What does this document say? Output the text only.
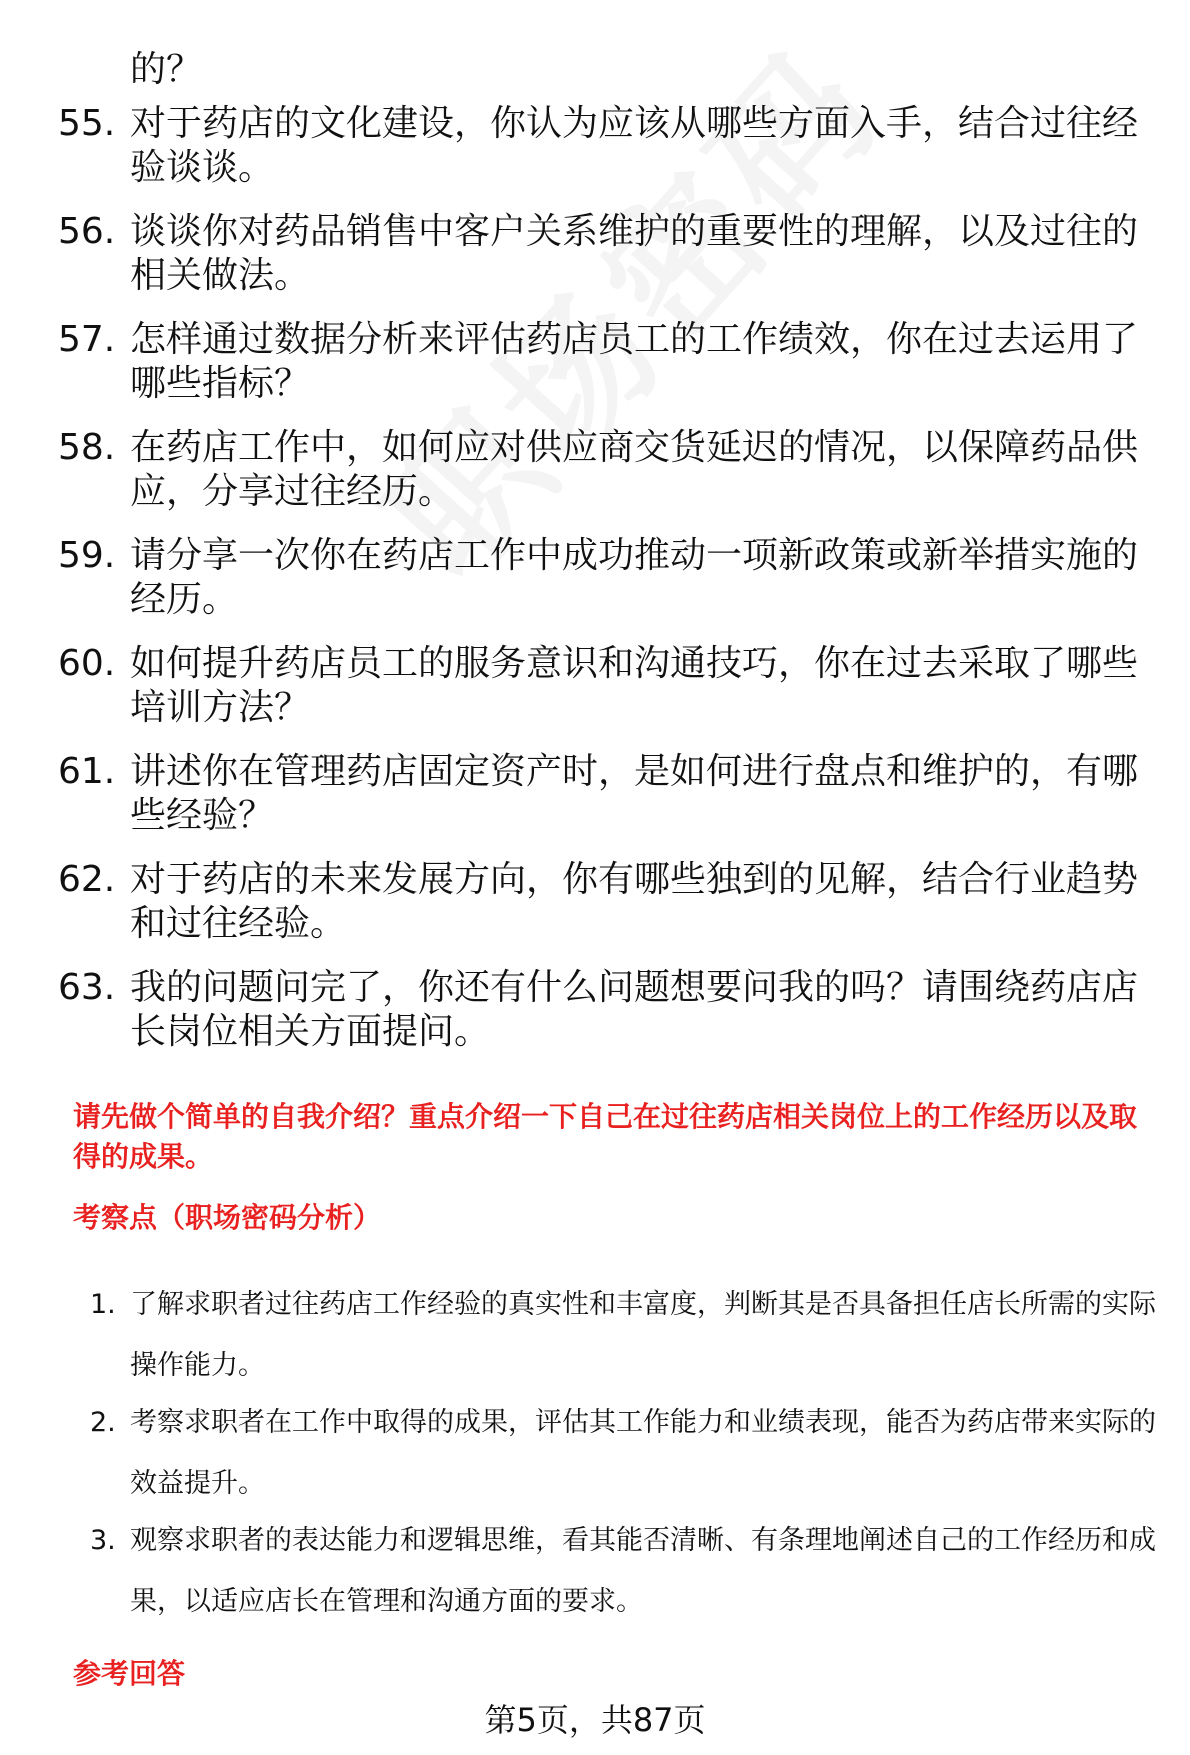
的？
55. 对于药店的文化建设，你认为应该从哪些方面入手，结合过往经验谈谈。
56. 谈谈你对药品销售中客户关系维护的重要性的理解，以及过往的相关做法。
57. 怎样通过数据分析来评估药店员工的工作绩效，你在过去运用了哪些指标？
58. 在药店工作中，如何应对供应商交货延迟的情况，以保障药品供应，分享过往经历。
59. 请分享一次你在药店工作中成功推动一项新政策或新举措实施的经历。
60. 如何提升药店员工的服务意识和沟通技巧，你在过去采取了哪些培训方法？
61. 讲述你在管理药店固定资产时，是如何进行盘点和维护的，有哪些经验？
62. 对于药店的未来发展方向，你有哪些独到的见解，结合行业趋势和过往经验。
63. 我的问题问完了，你还有什么问题想要问我的吗？请围绕药店店长岗位相关方面提问。
请先做个简单的自我介绍？重点介绍一下自己在过往药店相关岗位上的工作经历以及取得的成果。
考察点（职场密码分析）
1. 了解求职者过往药店工作经验的真实性和丰富度，判断其是否具备担任店长所需的实际操作能力。
2. 考察求职者在工作中取得的成果，评估其工作能力和业绩表现，能否为药店带来实际的效益提升。
3. 观察求职者的表达能力和逻辑思维，看其能否清晰、有条理地阐述自己的工作经历和成果，以适应店长在管理和沟通方面的要求。
参考回答
第5页，共87页
